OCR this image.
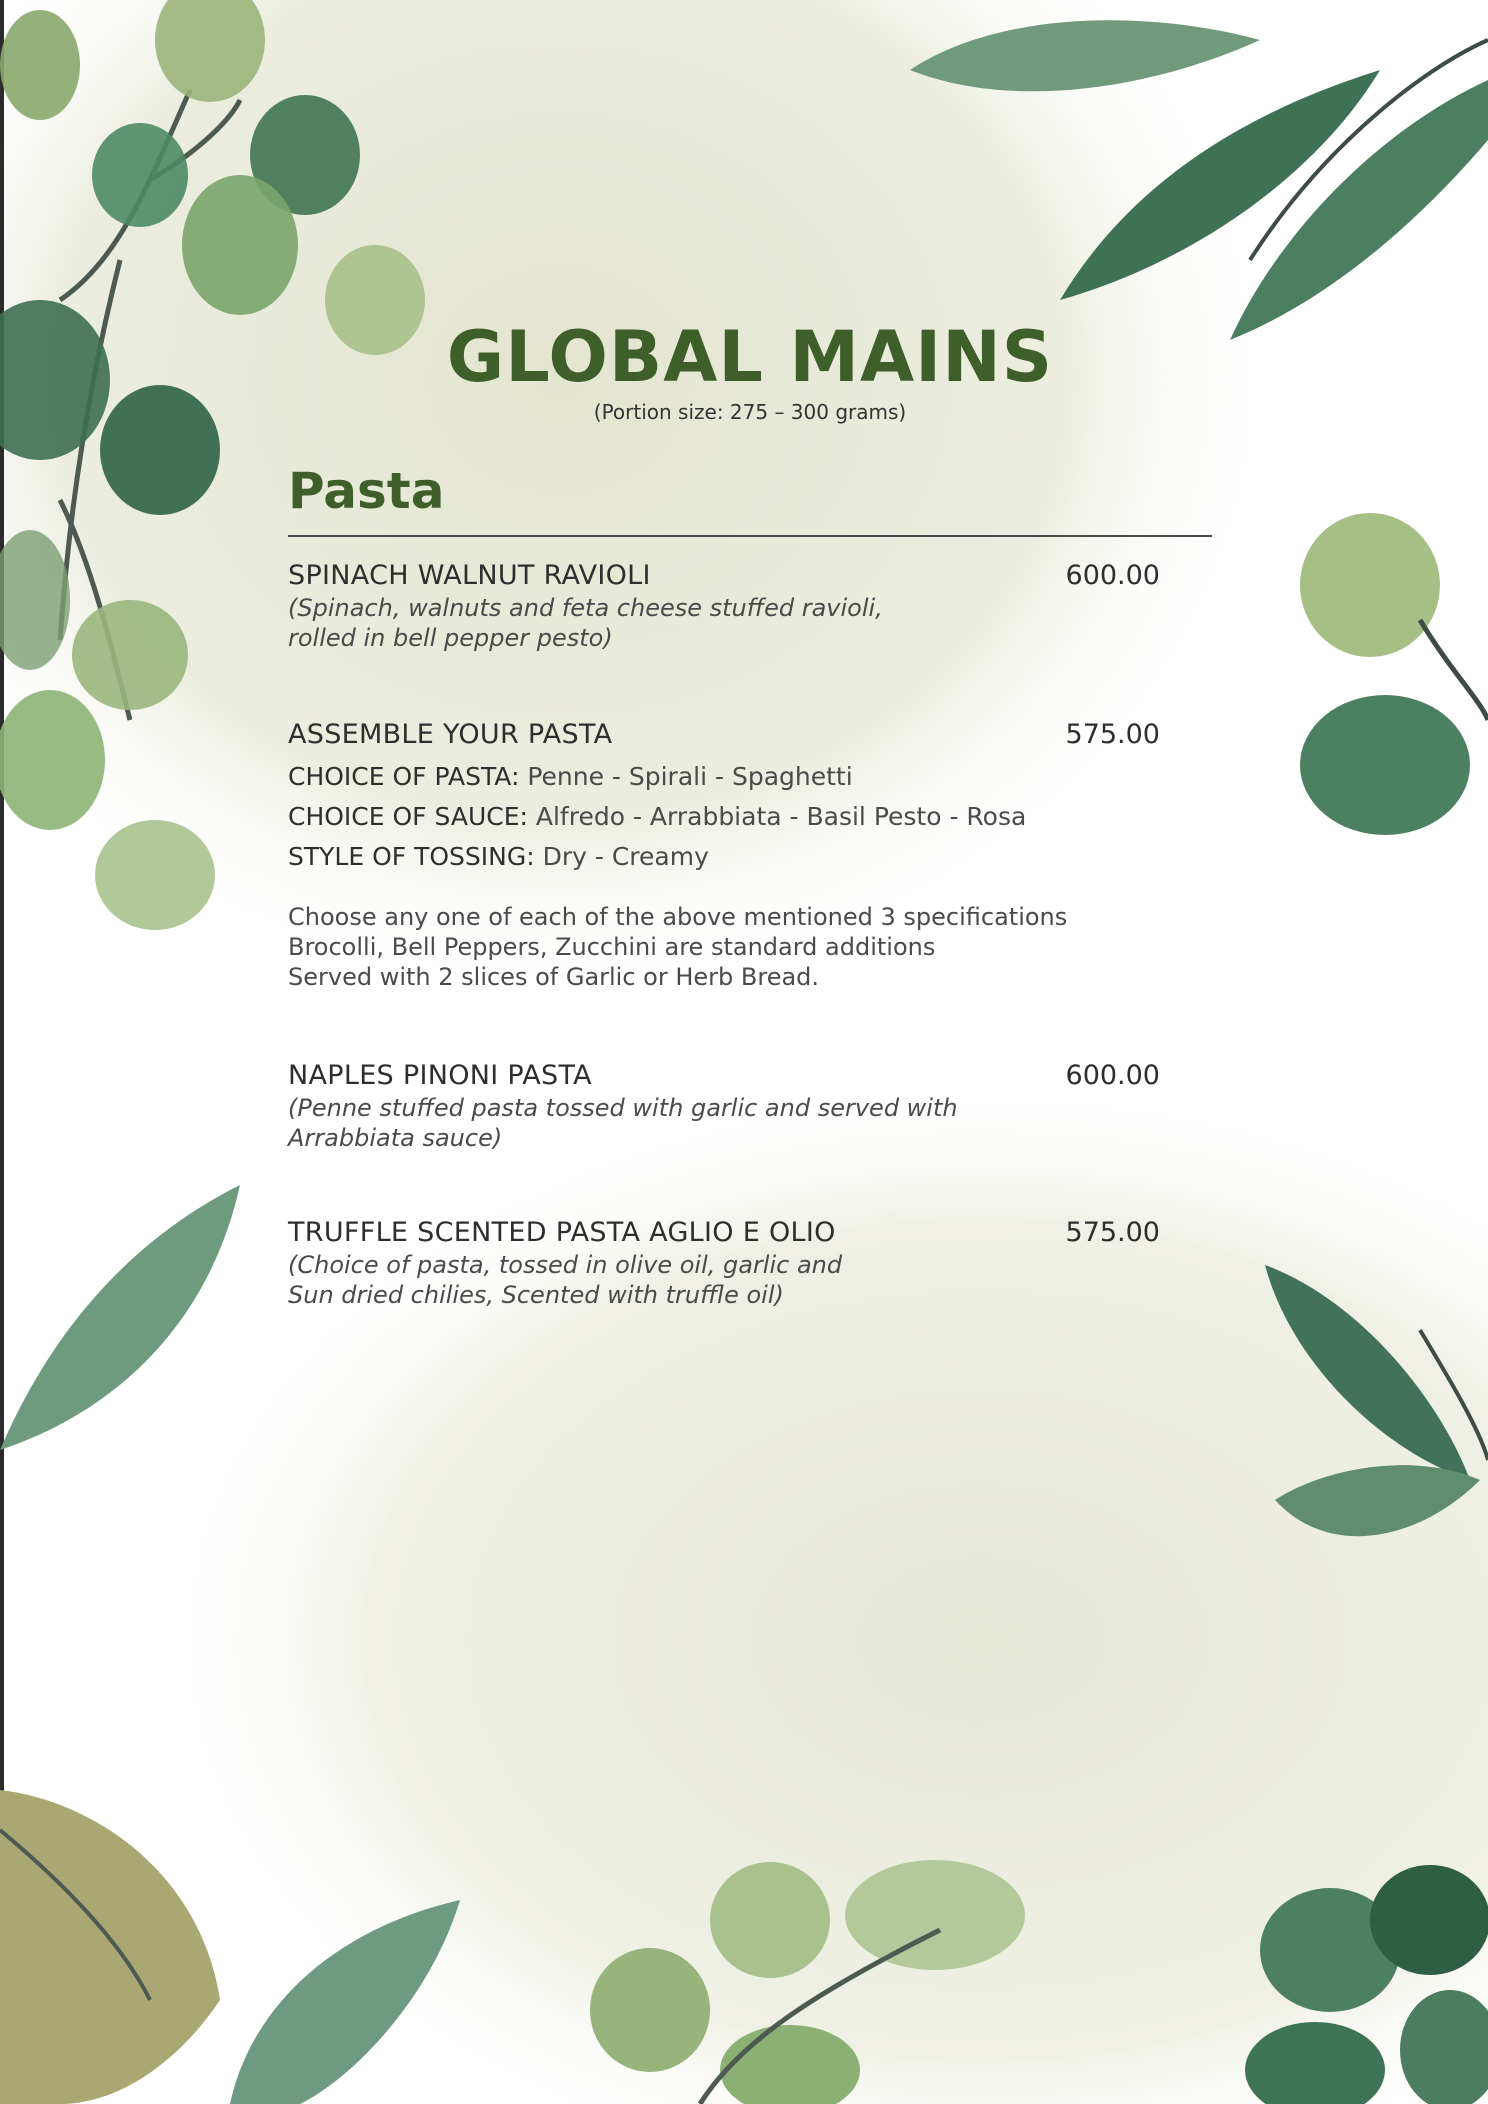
GLOBAL MAINS
(Portion size: 275 – 300 grams)
Pasta
SPINACH WALNUT RAVIOLI	600.00
(Spinach, walnuts and feta cheese stuffed ravioli,
rolled in bell pepper pesto)
ASSEMBLE YOUR PASTA	575.00
CHOICE OF PASTA: Penne - Spirali - Spaghetti
CHOICE OF SAUCE: Alfredo - Arrabbiata - Basil Pesto - Rosa
STYLE OF TOSSING: Dry - Creamy
Choose any one of each of the above mentioned 3 specifications
Brocolli, Bell Peppers, Zucchini are standard additions
Served with 2 slices of Garlic or Herb Bread.
NAPLES PINONI PASTA	600.00
(Penne stuffed pasta tossed with garlic and served with
Arrabbiata sauce)
TRUFFLE SCENTED PASTA AGLIO E OLIO	575.00
(Choice of pasta, tossed in olive oil, garlic and
Sun dried chilies, Scented with truffle oil)
